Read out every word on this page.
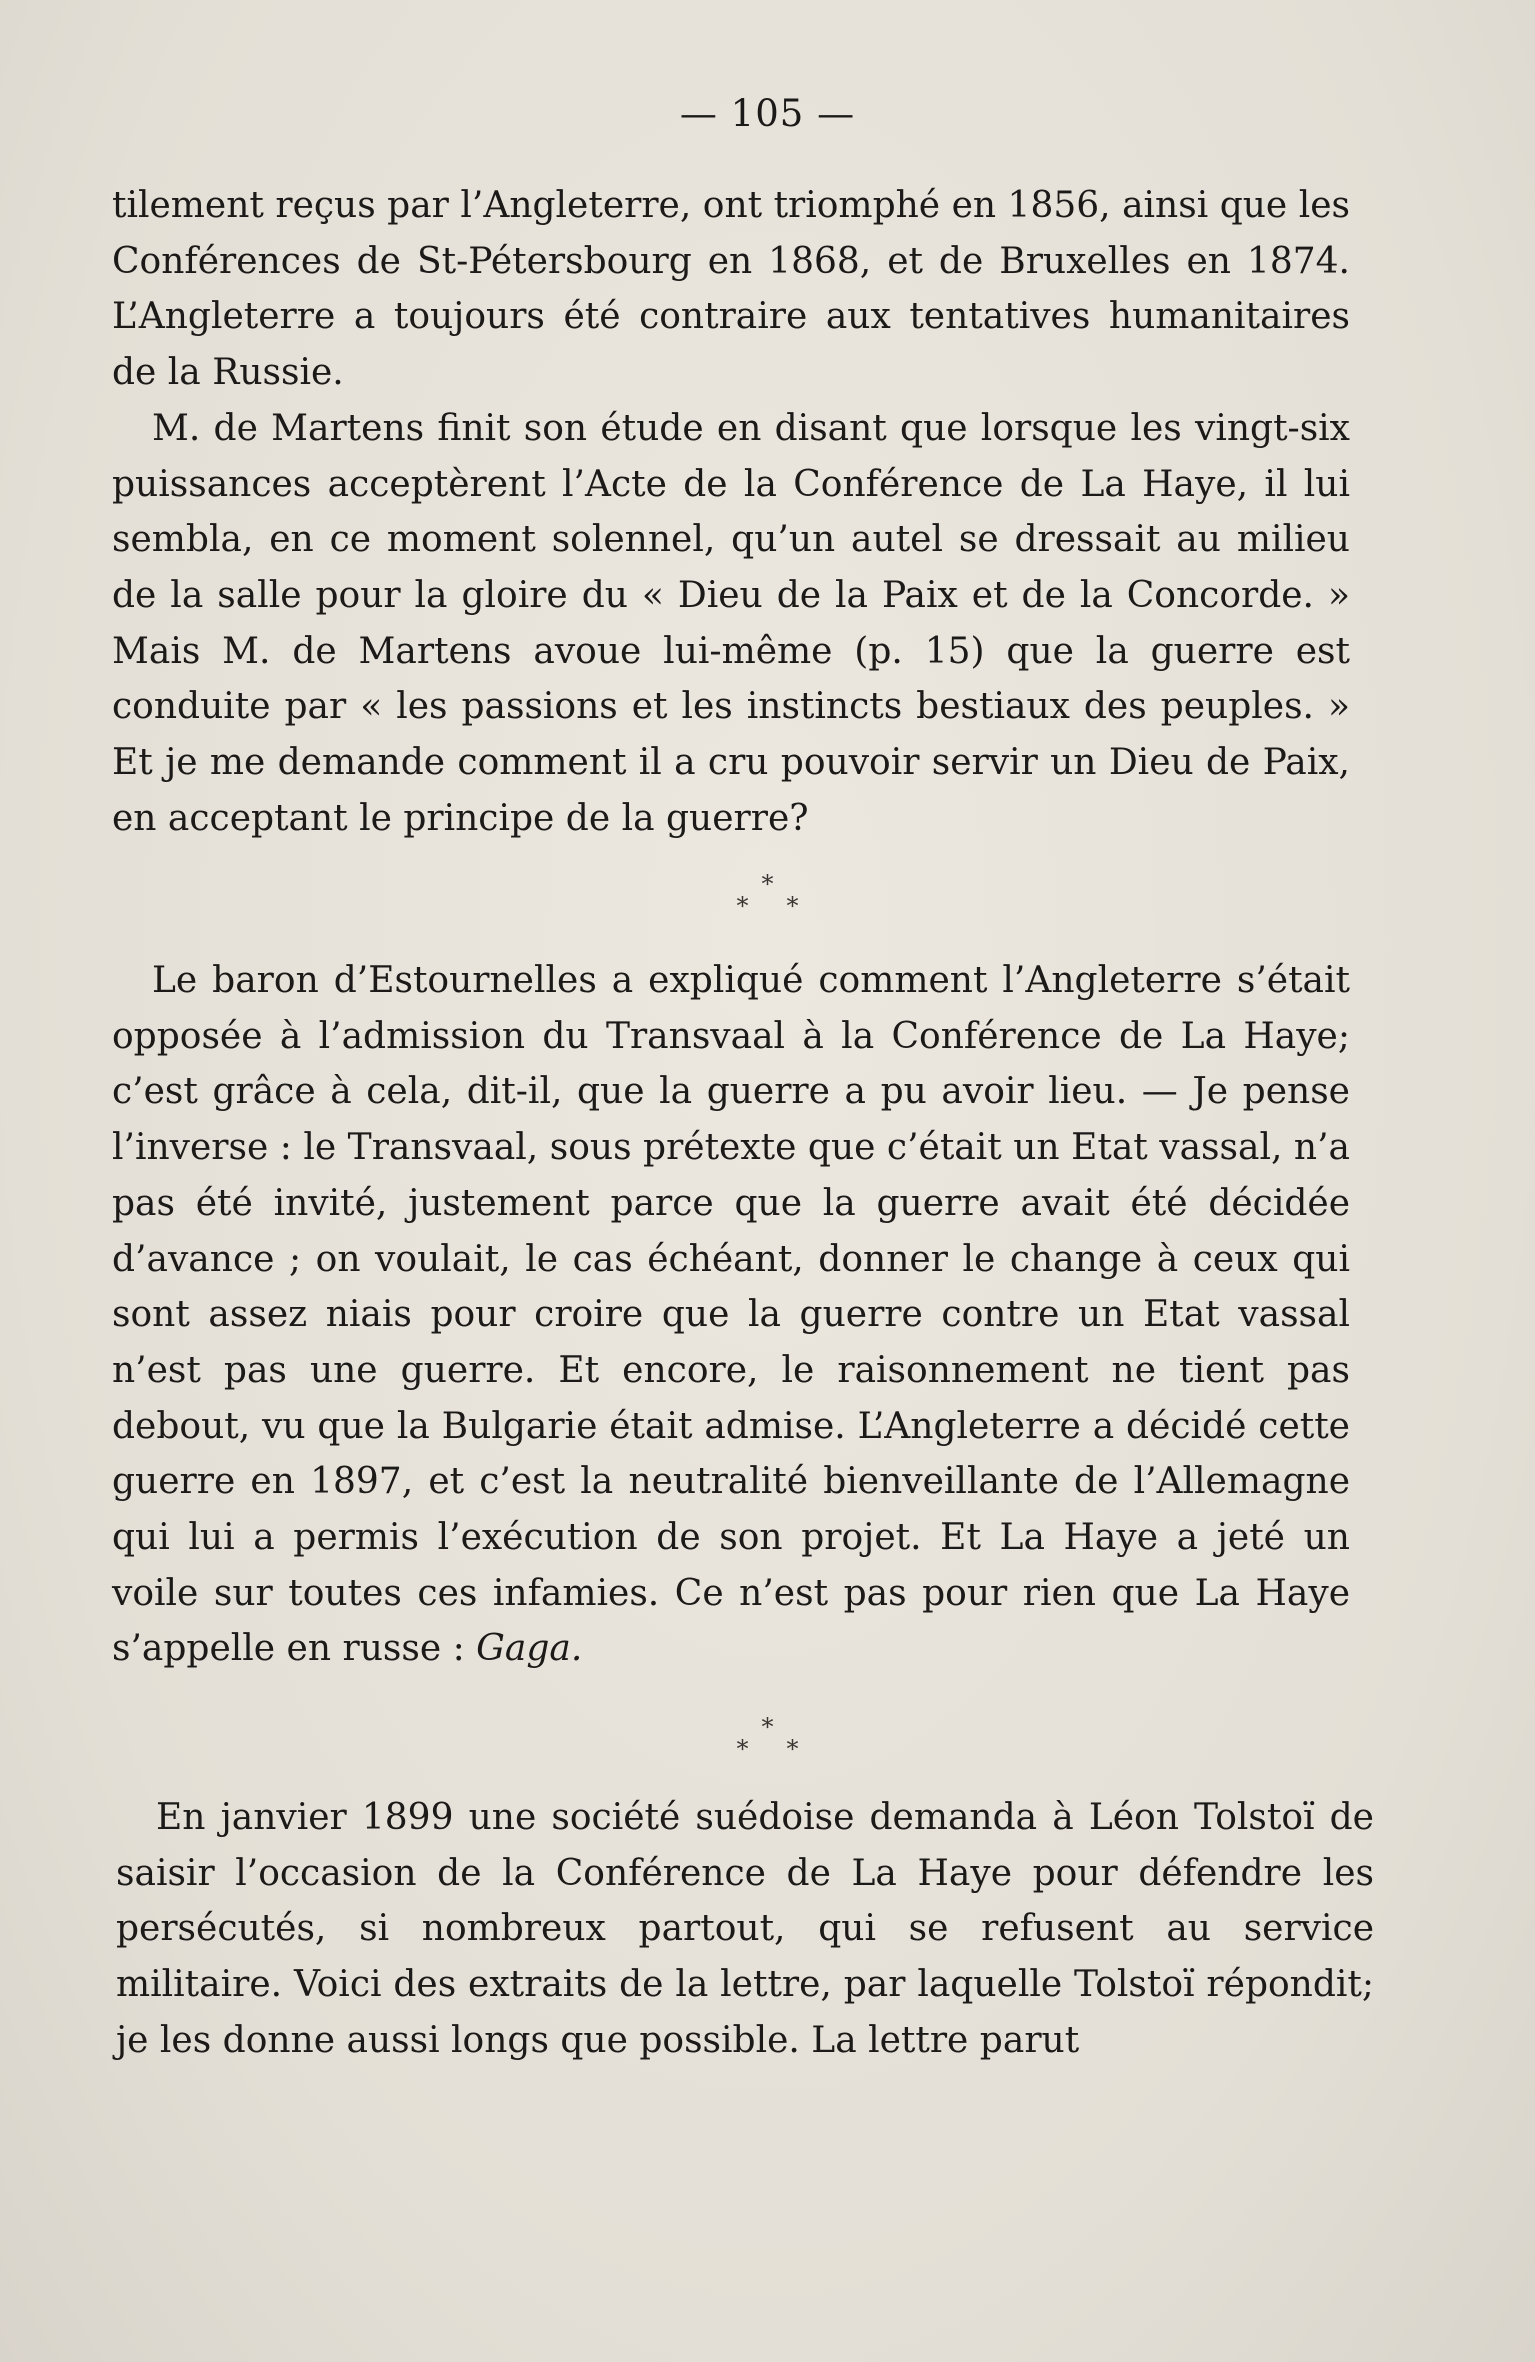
— 105 —

tilement reçus par l’Angleterre, ont triomphé en 1856, ainsi que les Conférences de St-Pétersbourg en 1868, et de Bruxelles en 1874. L’Angleterre a toujours été contraire aux tentatives humanitaires de la Russie.

M. de Martens finit son étude en disant que lorsque les vingt-six puissances acceptèrent l’Acte de la Conférence de La Haye, il lui sembla, en ce moment solennel, qu’un autel se dressait au milieu de la salle pour la gloire du « Dieu de la Paix et de la Concorde. » Mais M. de Martens avoue lui-même (p. 15) que la guerre est conduite par « les passions et les instincts bestiaux des peuples. » Et je me demande comment il a cru pouvoir servir un Dieu de Paix, en acceptant le principe de la guerre?

*
**

Le baron d’Estournelles a expliqué comment l’Angleterre s’était opposée à l’admission du Transvaal à la Conférence de La Haye; c’est grâce à cela, dit-il, que la guerre a pu avoir lieu. — Je pense l’inverse : le Transvaal, sous prétexte que c’était un Etat vassal, n’a pas été invité, justement parce que la guerre avait été décidée d’avance ; on voulait, le cas échéant, donner le change à ceux qui sont assez niais pour croire que la guerre contre un Etat vassal n’est pas une guerre. Et encore, le raisonnement ne tient pas debout, vu que la Bulgarie était admise. L’Angleterre a décidé cette guerre en 1897, et c’est la neutralité bienveillante de l’Allemagne qui lui a permis l’exécution de son projet. Et La Haye a jeté un voile sur toutes ces infamies. Ce n’est pas pour rien que La Haye s’appelle en russe : Gaga.

*
**

En janvier 1899 une société suédoise demanda à Léon Tolstoï de saisir l’occasion de la Conférence de La Haye pour défendre les persécutés, si nombreux partout, qui se refusent au service militaire. Voici des extraits de la lettre, par laquelle Tolstoï répondit; je les donne aussi longs que possible. La lettre parut
